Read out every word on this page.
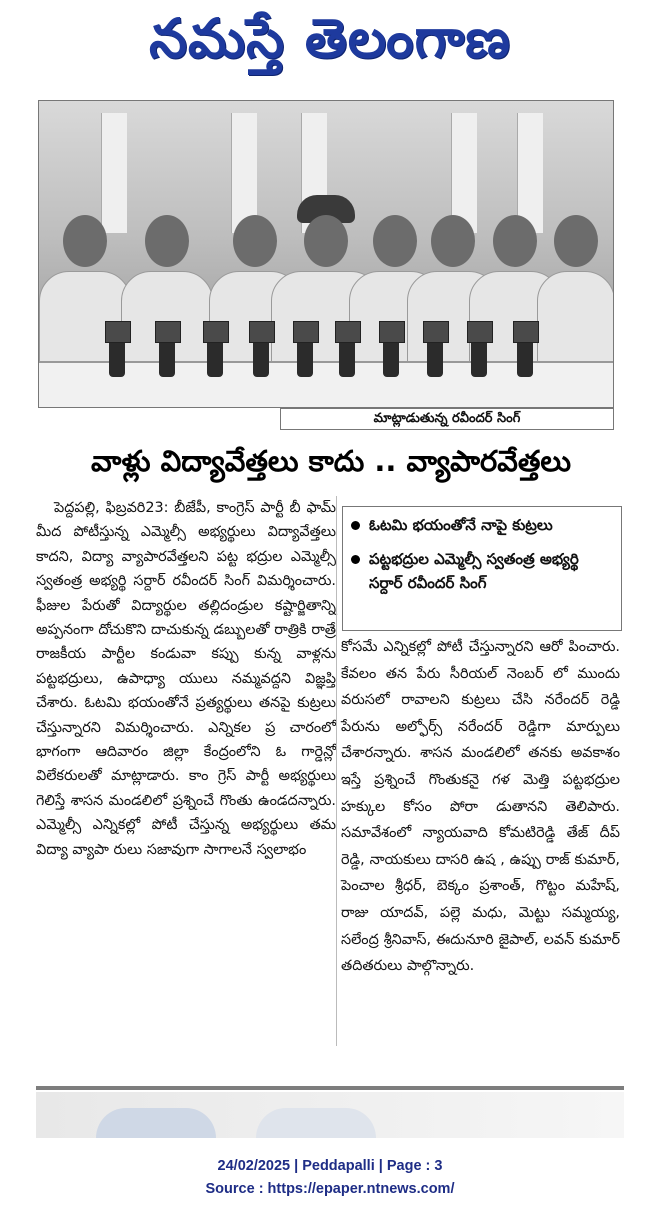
నమస్తే తెలంగాణ
మాట్లాడుతున్న రవీందర్ సింగ్
వాళ్లు విద్యావేత్తలు కాదు .. వ్యాపారవేత్తలు

పెద్దపల్లి, ఫిబ్రవరి23: బీజేపీ, కాంగ్రెస్ పార్టీ బీ ఫామ్ మీద పోటీస్తున్న ఎమ్మెల్సీ అభ్యర్థులు విద్యావేత్తలు కాదని, విద్యా వ్యాపారవేత్తలని పట్ట భద్రుల ఎమ్మెల్సీ స్వతంత్ర అభ్యర్థి సర్దార్ రవీందర్ సింగ్ విమర్శించారు. ఫీజుల పేరుతో విద్యార్థుల తల్లిదండ్రుల కష్టార్జితాన్ని అప్పనంగా దోచుకొని దాచుకున్న డబ్బులతో రాత్రికి రాత్రే రాజకీయ పార్టీల కండువా కప్పు కున్న వాళ్లను పట్టభద్రులు, ఉపాధ్యా యులు నమ్మవద్దని విజ్ఞప్తి చేశారు. ఓటమి భయంతోనే ప్రత్యర్థులు తనపై కుట్రలు చేస్తున్నారని విమర్శించారు. ఎన్నికల ప్ర చారంలో భాగంగా ఆదివారం జిల్లా కేంద్రంలోని ఓ గార్డెన్లో విలేకరులతో మాట్లాడారు. కాం గ్రెస్ పార్టీ అభ్యర్థులు గెలిస్తే శాసన మండలిలో ప్రశ్నించే గొంతు ఉండదన్నారు. ఎమ్మెల్సీ ఎన్నికల్లో పోటీ చేస్తున్న అభ్యర్థులు తమ విద్యా వ్యాపా రులు సజావుగా సాగాలనే స్వలాభం

ఓటమి భయంతోనే నాపై కుట్రలు
పట్టభద్రుల ఎమ్మెల్సీ స్వతంత్ర అభ్యర్థి సర్దార్ రవీందర్ సింగ్

కోసమే ఎన్నికల్లో పోటీ చేస్తున్నారని ఆరో పించారు. కేవలం తన పేరు సీరియల్ నెంబర్ లో ముందు వరుసలో రావాలని కుట్రలు చేసి నరేందర్ రెడ్డి పేరును అల్ఫోర్స్ నరేందర్ రెడ్డిగా మార్పులు చేశారన్నారు. శాసన మండలిలో తనకు అవకాశం ఇస్తే ప్రశ్నించే గొంతుకనై గళ మెత్తి పట్టభద్రుల హక్కుల కోసం పోరా డుతానని తెలిపారు. సమావేశంలో న్యాయవాది కోమటిరెడ్డి తేజ్ దీప్ రెడ్డి, నాయకులు దాసరి ఉష , ఉప్పు రాజ్ కుమార్, పెంచాల శ్రీధర్, బెక్కం ప్రశాంత్, గొట్టం మహేష్, రాజు యాదవ్, పల్లె మధు, మెట్టు సమ్మయ్య, సలేంద్ర శ్రీనివాస్, ఈదునూరి జైపాల్, లవన్ కుమార్ తదితరులు పాల్గొన్నారు.

24/02/2025 | Peddapalli | Page : 3
Source : https://epaper.ntnews.com/
